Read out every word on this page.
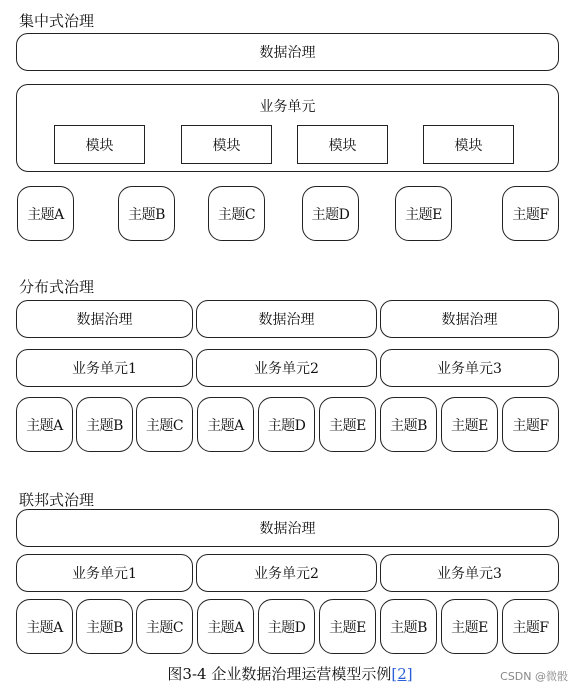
集中式治理
数据治理
业务单元
模块	模块	模块	模块
主题A	主题B	主题C	主题D	主题E	主题F
分布式治理
数据治理	数据治理	数据治理
业务单元1	业务单元2	业务单元3
主题A	主题B	主题C	主题A	主题D	主题E	主题B	主题E	主题F
联邦式治理
数据治理
业务单元1	业务单元2	业务单元3
主题A	主题B	主题C	主题A	主题D	主题E	主题B	主题E	主题F
图3-4 企业数据治理运营模型示例[2]	CSDN @微骰
